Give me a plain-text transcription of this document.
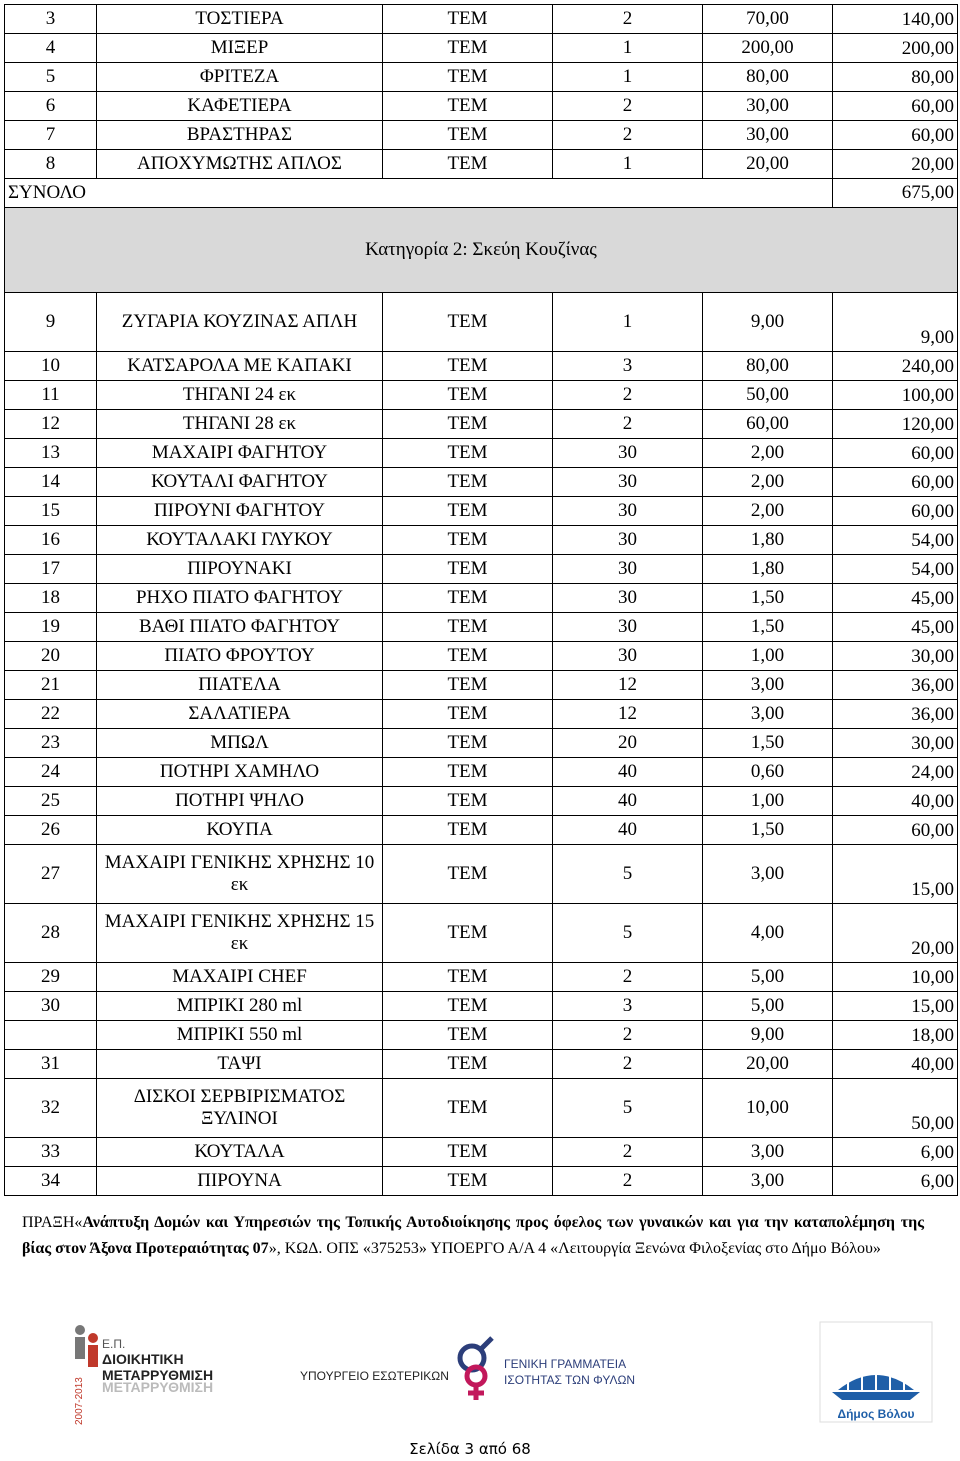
3	ΤΟΣΤΙΕΡΑ	ΤΕΜ	2	70,00	140,00
4	ΜΙΞΕΡ	ΤΕΜ	1	200,00	200,00
5	ΦΡΙΤΕΖΑ	ΤΕΜ	1	80,00	80,00
6	ΚΑΦΕΤΙΕΡΑ	ΤΕΜ	2	30,00	60,00
7	ΒΡΑΣΤΗΡΑΣ	ΤΕΜ	2	30,00	60,00
8	ΑΠΟΧΥΜΩΤΗΣ ΑΠΛΟΣ	ΤΕΜ	1	20,00	20,00
ΣΥΝΟΛΟ					675,00
Κατηγορία 2: Σκεύη Κουζίνας					
9	ΖΥΓΑΡΙΑ ΚΟΥΖΙΝΑΣ ΑΠΛΗ	ΤΕΜ	1	9,00	9,00
10	ΚΑΤΣΑΡΟΛΑ ΜΕ ΚΑΠΑΚΙ	ΤΕΜ	3	80,00	240,00
11	ΤΗΓΑΝΙ 24 εκ	ΤΕΜ	2	50,00	100,00
12	ΤΗΓΑΝΙ 28 εκ	ΤΕΜ	2	60,00	120,00
13	ΜΑΧΑΙΡΙ ΦΑΓΗΤΟΥ	ΤΕΜ	30	2,00	60,00
14	ΚΟΥΤΑΛΙ ΦΑΓΗΤΟΥ	ΤΕΜ	30	2,00	60,00
15	ΠΙΡΟΥΝΙ ΦΑΓΗΤΟΥ	ΤΕΜ	30	2,00	60,00
16	ΚΟΥΤΑΛΑΚΙ ΓΛΥΚΟΥ	ΤΕΜ	30	1,80	54,00
17	ΠΙΡΟΥΝΑΚΙ	ΤΕΜ	30	1,80	54,00
18	ΡΗΧΟ ΠΙΑΤΟ ΦΑΓΗΤΟΥ	ΤΕΜ	30	1,50	45,00
19	ΒΑΘΙ ΠΙΑΤΟ ΦΑΓΗΤΟΥ	ΤΕΜ	30	1,50	45,00
20	ΠΙΑΤΟ ΦΡΟΥΤΟΥ	ΤΕΜ	30	1,00	30,00
21	ΠΙΑΤΕΛΑ	ΤΕΜ	12	3,00	36,00
22	ΣΑΛΑΤΙΕΡΑ	ΤΕΜ	12	3,00	36,00
23	ΜΠΩΛ	ΤΕΜ	20	1,50	30,00
24	ΠΟΤΗΡΙ ΧΑΜΗΛΟ	ΤΕΜ	40	0,60	24,00
25	ΠΟΤΗΡΙ ΨΗΛΟ	ΤΕΜ	40	1,00	40,00
26	ΚΟΥΠΑ	ΤΕΜ	40	1,50	60,00
27	ΜΑΧΑΙΡΙ ΓΕΝΙΚΗΣ ΧΡΗΣΗΣ 10 εκ	ΤΕΜ	5	3,00	15,00
28	ΜΑΧΑΙΡΙ ΓΕΝΙΚΗΣ ΧΡΗΣΗΣ 15 εκ	ΤΕΜ	5	4,00	20,00
29	ΜΑΧΑΙΡΙ CHEF	ΤΕΜ	2	5,00	10,00
30	ΜΠΡΙΚΙ 280 ml	ΤΕΜ	3	5,00	15,00
	ΜΠΡΙΚΙ 550 ml	ΤΕΜ	2	9,00	18,00
31	ΤΑΨΙ	ΤΕΜ	2	20,00	40,00
32	ΔΙΣΚΟΙ ΣΕΡΒΙΡΙΣΜΑΤΟΣ ΞΥΛΙΝΟΙ	ΤΕΜ	5	10,00	50,00
33	ΚΟΥΤΑΛΑ	ΤΕΜ	2	3,00	6,00
34	ΠΙΡΟΥΝΑ	ΤΕΜ	2	3,00	6,00
ΠΡΑΞΗ«Ανάπτυξη Δομών και Υπηρεσιών της Τοπικής Αυτοδιοίκησης προς όφελος των γυναικών και για την καταπολέμηση της βίας στον Άξονα Προτεραιότητας 07», ΚΩΔ. ΟΠΣ «375253» ΥΠΟΕΡΓΟ Α/Α 4 «Λειτουργία Ξενώνα Φιλοξενίας στο Δήμο Βόλου»
Ε.Π.
ΔΙΟΙΚΗΤΙΚΗ
ΜΕΤΑΡΡΥΘΜΙΣΗ
ΜΕΤΑΡΡΥΘΜΙΣΗ
2007-2013
ΥΠΟΥΡΓΕΙΟ ΕΣΩΤΕΡΙΚΩΝ
ΓΕΝΙΚΗ ΓΡΑΜΜΑΤΕΙΑ
ΙΣΟΤΗΤΑΣ ΤΩΝ ΦΥΛΩΝ
Δήμος Βόλου
Σελίδα 3 από 68
